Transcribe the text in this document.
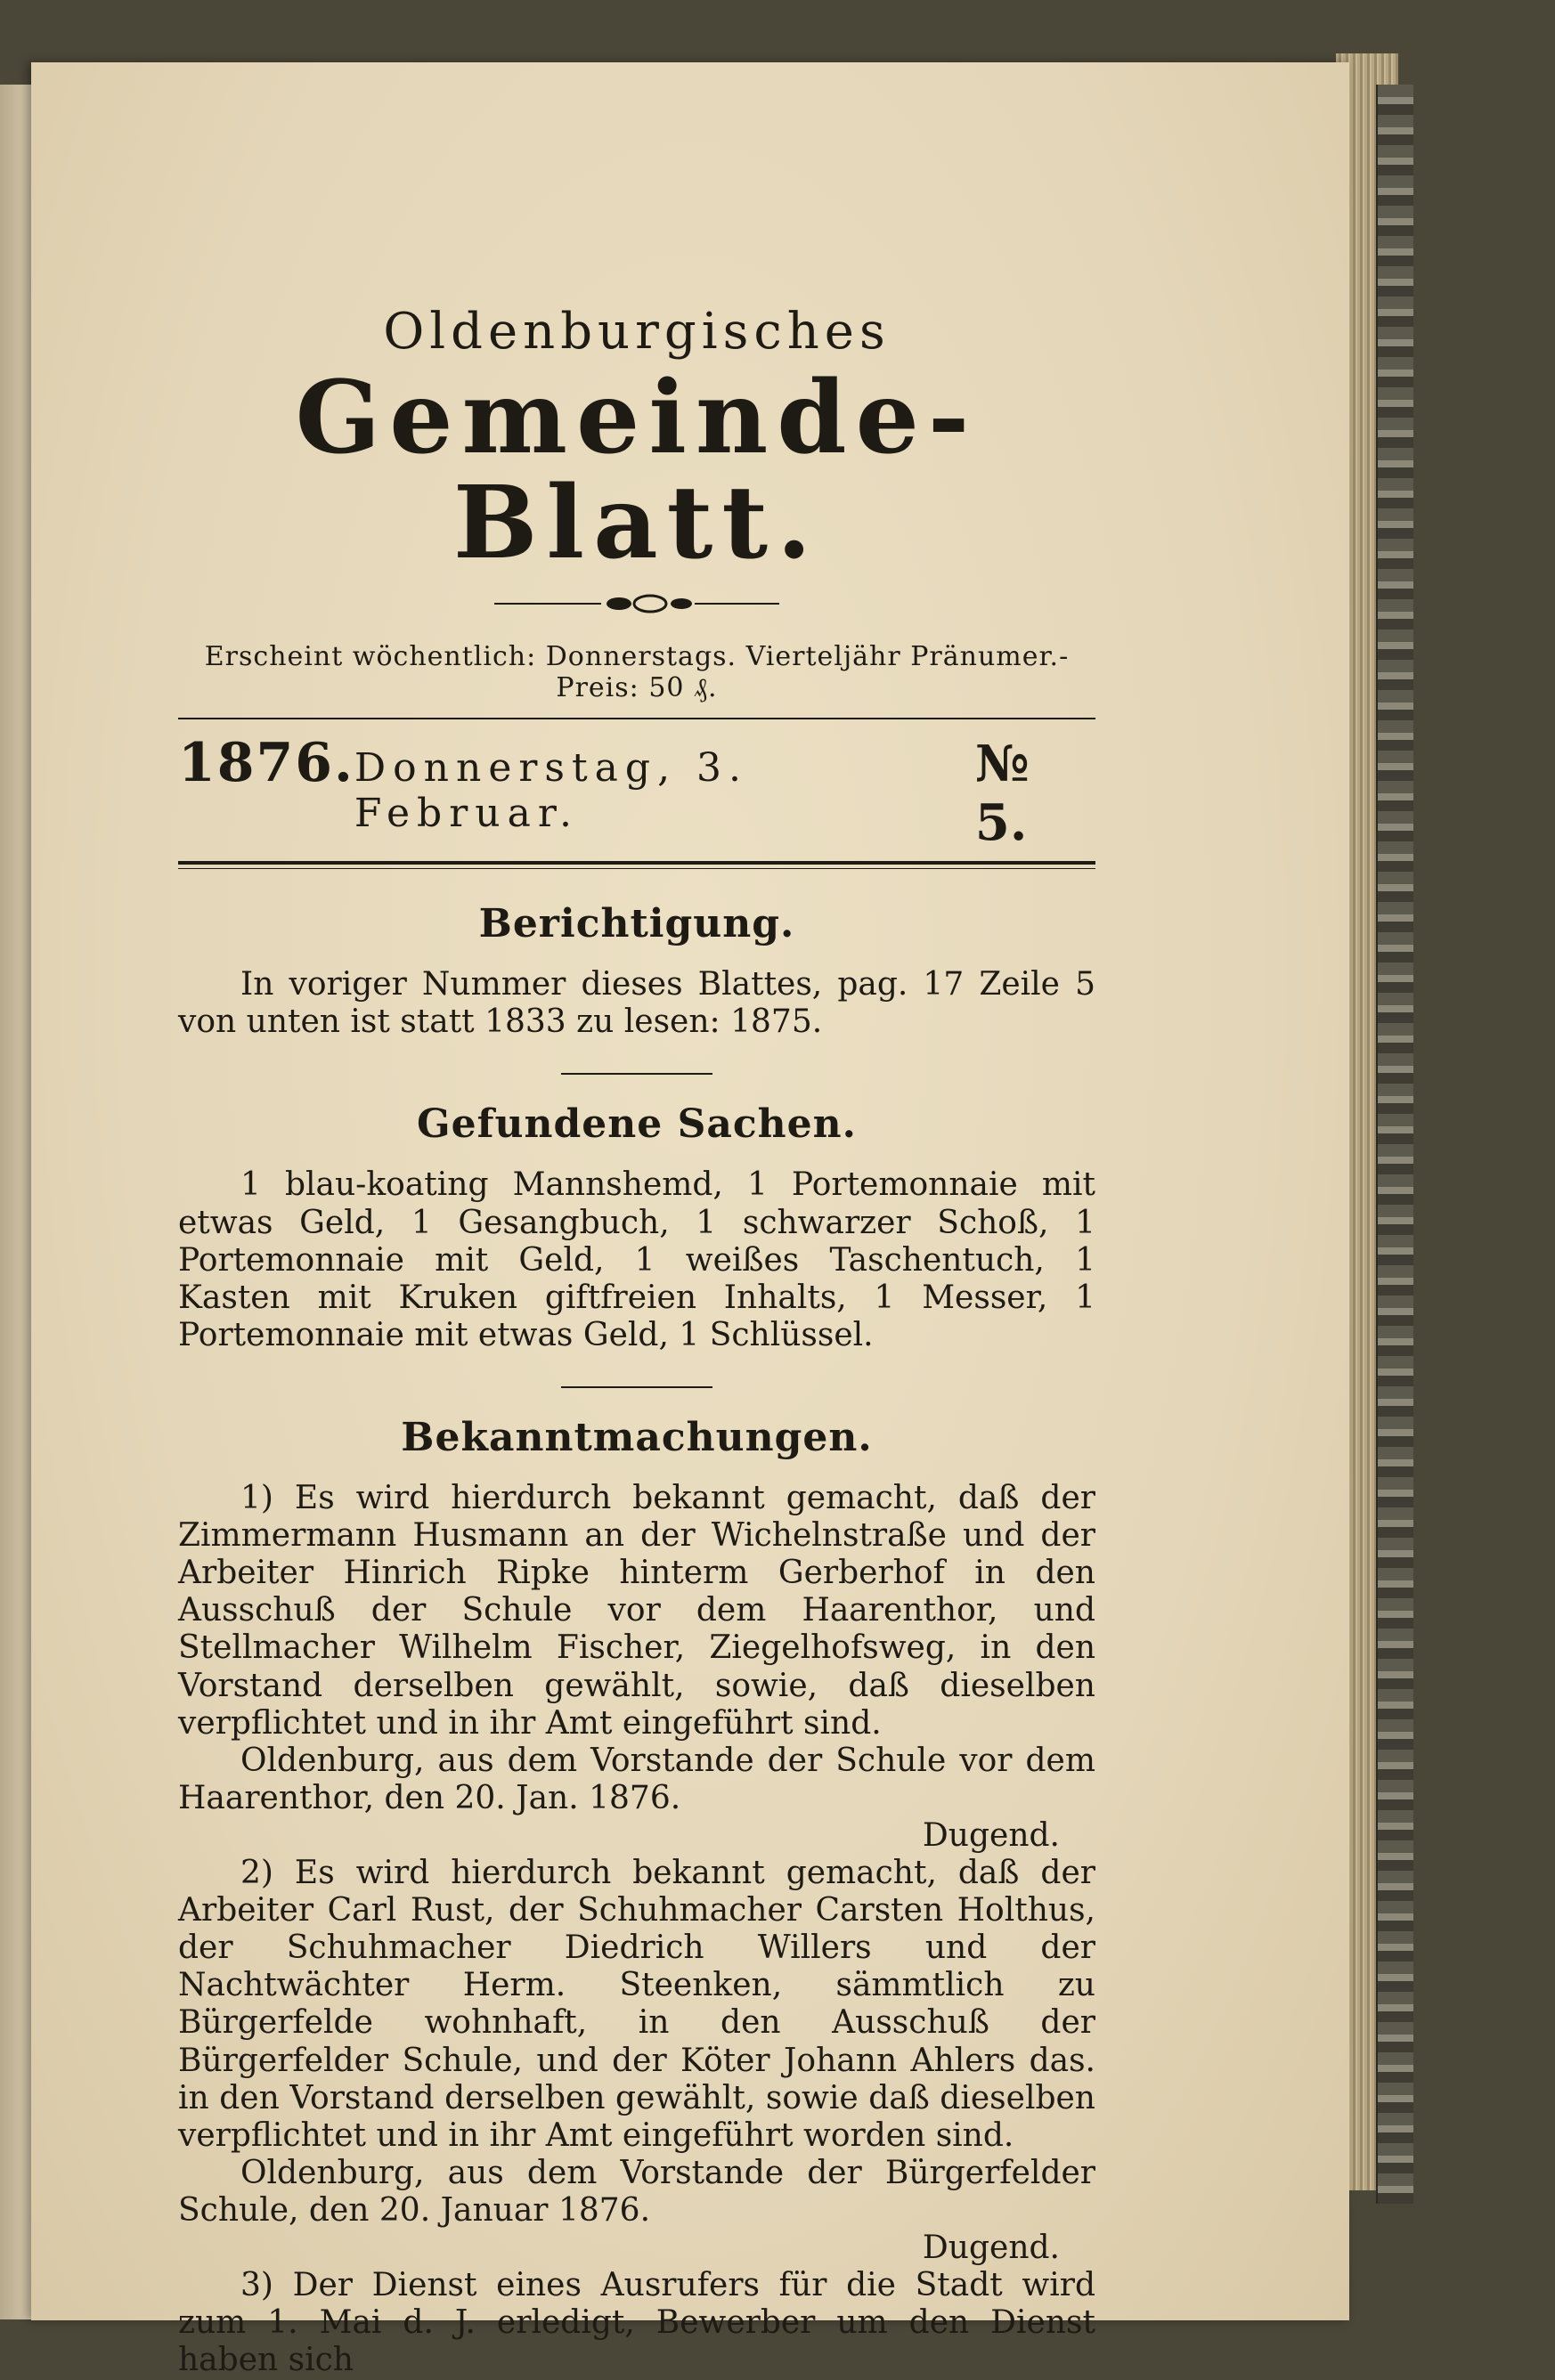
Oldenburgisches
Gemeinde-Blatt.
Erscheint wöchentlich: Donnerstags. Vierteljähr Pränumer.-Preis: 50 ₰.
1876. Donnerstag, 3. Februar.
№ 5.
Berichtigung.

In voriger Nummer dieses Blattes, pag. 17 Zeile 5 von unten ist statt 1833 zu lesen: 1875.

Gefundene Sachen.

1 blau-koating Mannshemd, 1 Portemonnaie mit etwas Geld, 1 Gesangbuch, 1 schwarzer Schoß, 1 Portemonnaie mit Geld, 1 weißes Taschentuch, 1 Kasten mit Kruken giftfreien Inhalts, 1 Messer, 1 Portemonnaie mit etwas Geld, 1 Schlüssel.

Bekanntmachungen.

1) Es wird hierdurch bekannt gemacht, daß der Zimmermann Husmann an der Wichelnstraße und der Arbeiter Hinrich Ripke hinterm Gerberhof in den Ausschuß der Schule vor dem Haarenthor, und Stellmacher Wilhelm Fischer, Ziegelhofsweg, in den Vorstand derselben gewählt, sowie, daß dieselben verpflichtet und in ihr Amt eingeführt sind.

Oldenburg, aus dem Vorstande der Schule vor dem Haarenthor, den 20. Jan. 1876.

Dugend.

2) Es wird hierdurch bekannt gemacht, daß der Arbeiter Carl Rust, der Schuhmacher Carsten Holthus, der Schuhmacher Diedrich Willers und der Nachtwächter Herm. Steenken, sämmtlich zu Bürgerfelde wohnhaft, in den Ausschuß der Bürgerfelder Schule, und der Köter Johann Ahlers das. in den Vorstand derselben gewählt, sowie daß dieselben verpflichtet und in ihr Amt eingeführt worden sind.

Oldenburg, aus dem Vorstande der Bürgerfelder Schule, den 20. Januar 1876.

Dugend.

3) Der Dienst eines Ausrufers für die Stadt wird zum 1. Mai d. J. erledigt, Bewerber um den Dienst haben sich
